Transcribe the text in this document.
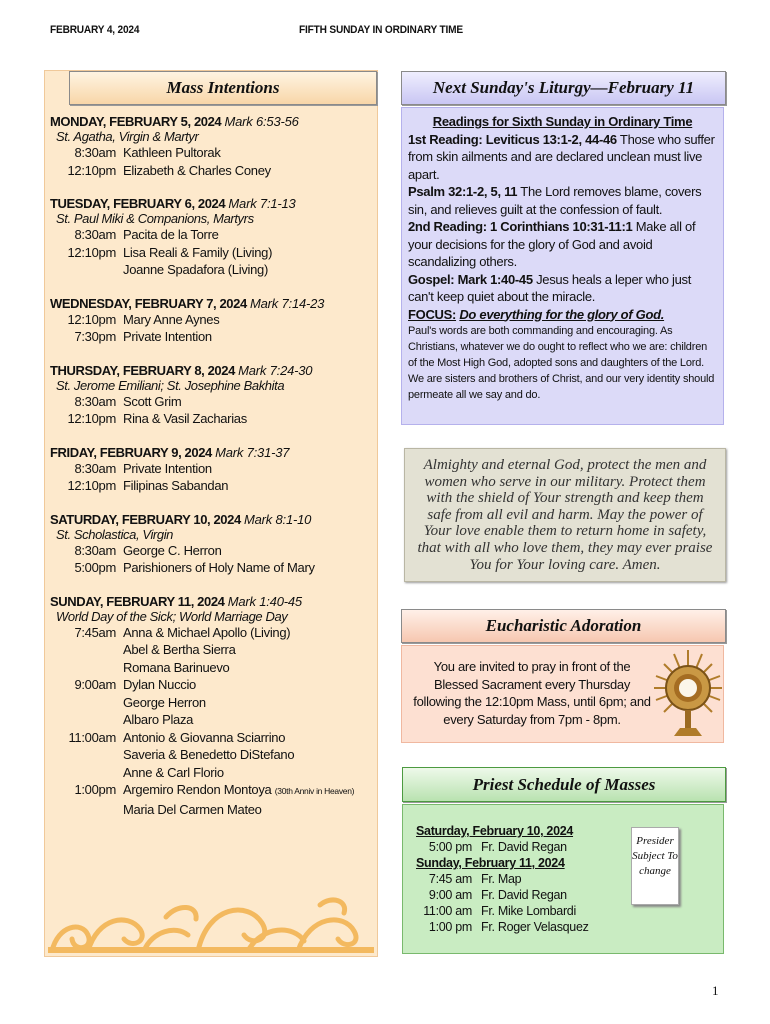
FEBRUARY 4, 2024	FIFTH SUNDAY IN ORDINARY TIME
Mass Intentions
MONDAY, FEBRUARY 5, 2024 Mark 6:53-56
St. Agatha, Virgin & Martyr
8:30am Kathleen Pultorak
12:10pm Elizabeth & Charles Coney
TUESDAY, FEBRUARY 6, 2024 Mark 7:1-13
St. Paul Miki & Companions, Martyrs
8:30am Pacita de la Torre
12:10pm Lisa Reali & Family (Living)
Joanne Spadafora (Living)
WEDNESDAY, FEBRUARY 7, 2024 Mark 7:14-23
12:10pm Mary Anne Aynes
7:30pm Private Intention
THURSDAY, FEBRUARY 8, 2024 Mark 7:24-30
St. Jerome Emiliani; St. Josephine Bakhita
8:30am Scott Grim
12:10pm Rina & Vasil Zacharias
FRIDAY, FEBRUARY 9, 2024 Mark 7:31-37
8:30am Private Intention
12:10pm Filipinas Sabandan
SATURDAY, FEBRUARY 10, 2024 Mark 8:1-10
St. Scholastica, Virgin
8:30am George C. Herron
5:00pm Parishioners of Holy Name of Mary
SUNDAY, FEBRUARY 11, 2024 Mark 1:40-45
World Day of the Sick; World Marriage Day
7:45am Anna & Michael Apollo (Living)
Abel & Bertha Sierra
Romana Barinuevo
9:00am Dylan Nuccio
George Herron
Albaro Plaza
11:00am Antonio & Giovanna Sciarrino
Saveria & Benedetto DiStefano
Anne & Carl Florio
1:00pm Argemiro Rendon Montoya (30th Anniv in Heaven)
Maria Del Carmen Mateo
Next Sunday's Liturgy—February 11
Readings for Sixth Sunday in Ordinary Time
1st Reading: Leviticus 13:1-2, 44-46 Those who suffer from skin ailments and are declared unclean must live apart.
Psalm 32:1-2, 5, 11 The Lord removes blame, covers sin, and relieves guilt at the confession of fault.
2nd Reading: 1 Corinthians 10:31-11:1 Make all of your decisions for the glory of God and avoid scandalizing others.
Gospel: Mark 1:40-45 Jesus heals a leper who just can't keep quiet about the miracle.
FOCUS: Do everything for the glory of God.
Paul's words are both commanding and encouraging. As Christians, whatever we do ought to reflect who we are: children of the Most High God, adopted sons and daughters of the Lord. We are sisters and brothers of Christ, and our very identity should permeate all we say and do.
Almighty and eternal God, protect the men and women who serve in our military. Protect them with the shield of Your strength and keep them safe from all evil and harm. May the power of Your love enable them to return home in safety, that with all who love them, they may ever praise You for Your loving care. Amen.
Eucharistic Adoration
You are invited to pray in front of the Blessed Sacrament every Thursday following the 12:10pm Mass, until 6pm; and every Saturday from 7pm - 8pm.
Priest Schedule of Masses
Saturday, February 10, 2024
5:00 pm Fr. David Regan
Sunday, February 11, 2024
7:45 am Fr. Map
9:00 am Fr. David Regan
11:00 am Fr. Mike Lombardi
1:00 pm Fr. Roger Velasquez
Presider Subject To change
1
